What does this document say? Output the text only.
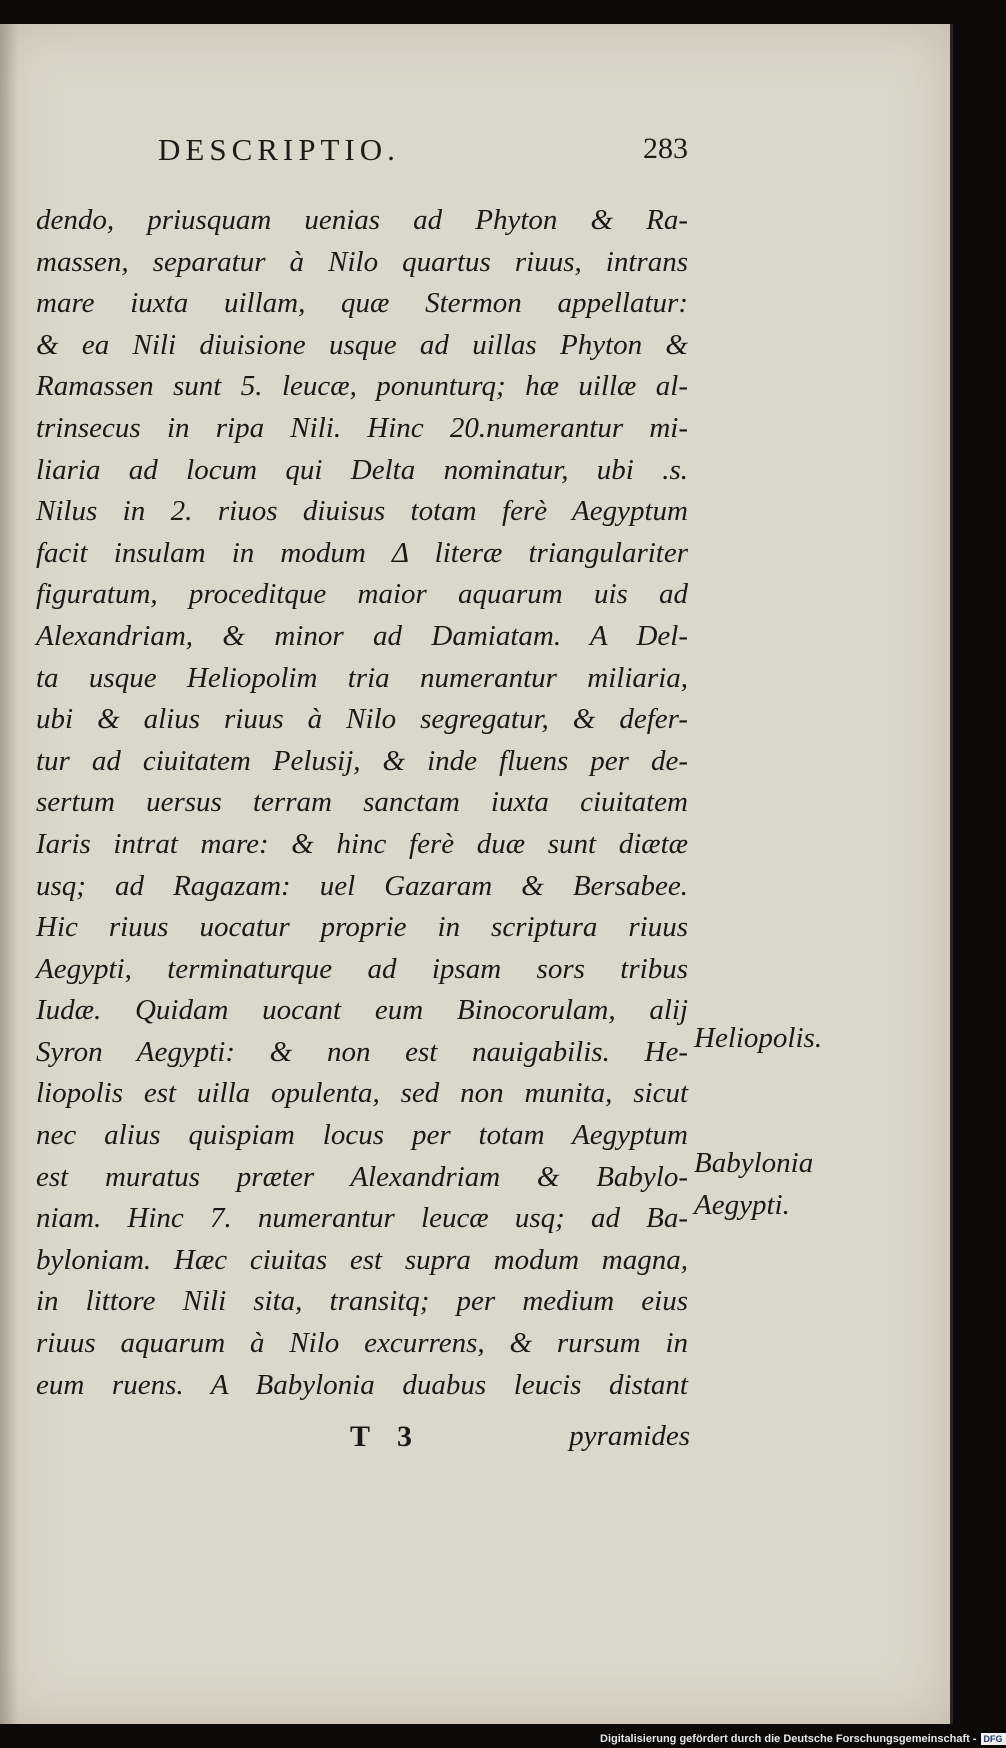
DESCRIPTIO.	283
dendo, priusquam uenias ad Phyton & Ra-
massen, separatur à Nilo quartus riuus, intrans
mare iuxta uillam, quæ Stermon appellatur:
& ea Nili diuisione usque ad uillas Phyton &
Ramassen sunt 5. leucæ, ponunturq; hæ uillæ al-
trinsecus in ripa Nili. Hinc 20.numerantur mi-
liaria ad locum qui Delta nominatur, ubi .s.
Nilus in 2. riuos diuisus totam ferè Aegyptum
facit insulam in modum Δ literæ triangulariter
figuratum, proceditque maior aquarum uis ad
Alexandriam, & minor ad Damiatam. A Del-
ta usque Heliopolim tria numerantur miliaria,
ubi & alius riuus à Nilo segregatur, & defer-
tur ad ciuitatem Pelusij, & inde fluens per de-
sertum uersus terram sanctam iuxta ciuitatem
Iaris intrat mare: & hinc ferè duæ sunt diætæ
usq; ad Ragazam: uel Gazaram & Bersabee.
Hic riuus uocatur proprie in scriptura riuus
Aegypti, terminaturque ad ipsam sors tribus
Iudæ. Quidam uocant eum Binocorulam, alij
Syron Aegypti: & non est nauigabilis. He-
liopolis est uilla opulenta, sed non munita, sicut
nec alius quispiam locus per totam Aegyptum
est muratus præter Alexandriam & Babylo-
niam. Hinc 7. numerantur leucæ usq; ad Ba-
byloniam. Hæc ciuitas est supra modum magna,
in littore Nili sita, transitq; per medium eius
riuus aquarum à Nilo excurrens, & rursum in
eum ruens. A Babylonia duabus leucis distant
Heliopolis.
Babylonia
Aegypti.
T 3	pyramides
Digitalisierung gefördert durch die Deutsche Forschungsgemeinschaft - DFG
